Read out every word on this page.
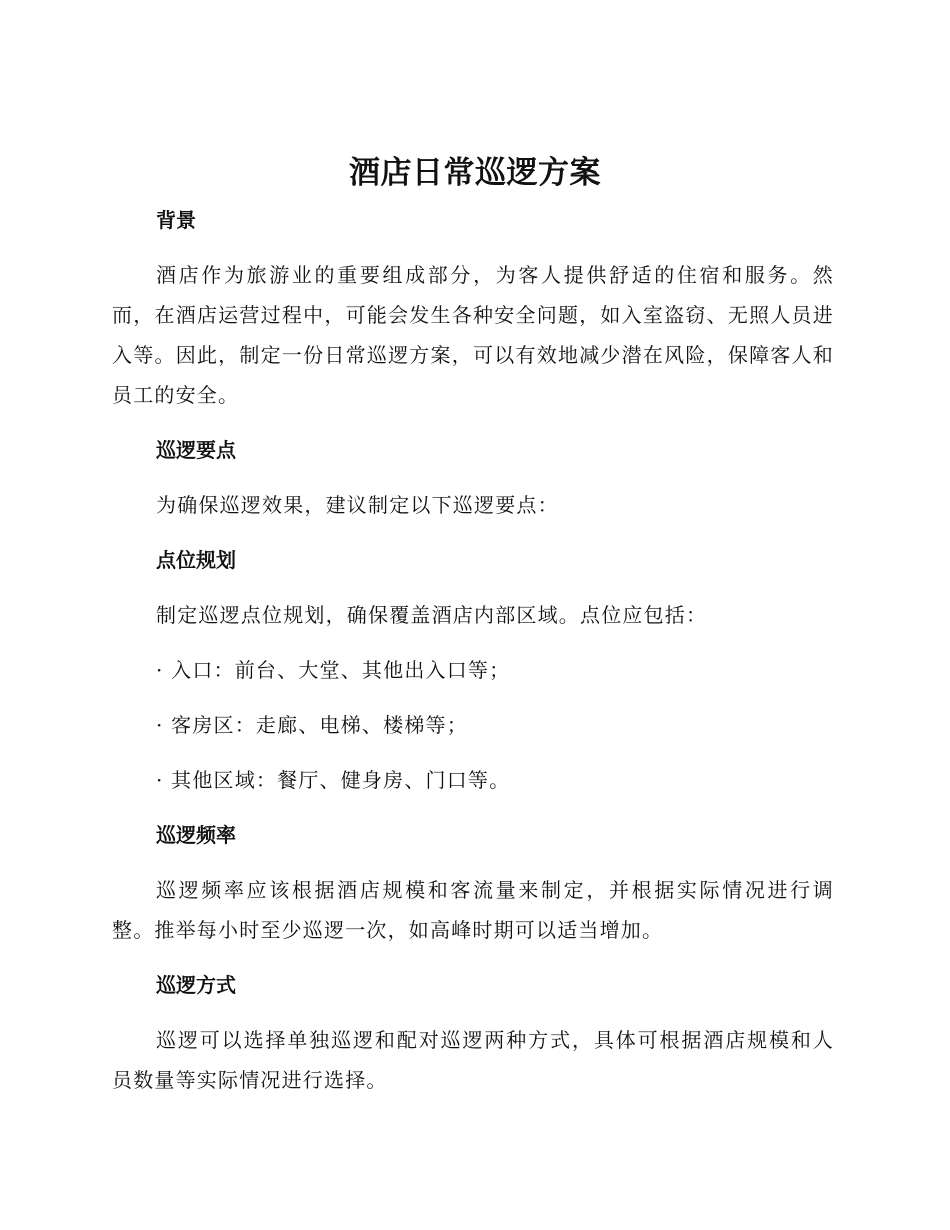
酒店日常巡逻方案
背景

酒店作为旅游业的重要组成部分，为客人提供舒适的住宿和服务。然而，在酒店运营过程中，可能会发生各种安全问题，如入室盗窃、无照人员进入等。因此，制定一份日常巡逻方案，可以有效地减少潜在风险，保障客人和员工的安全。

巡逻要点

为确保巡逻效果，建议制定以下巡逻要点：

点位规划

制定巡逻点位规划，确保覆盖酒店内部区域。点位应包括：

· 入口：前台、大堂、其他出入口等；

· 客房区：走廊、电梯、楼梯等；

· 其他区域：餐厅、健身房、门口等。

巡逻频率

巡逻频率应该根据酒店规模和客流量来制定，并根据实际情况进行调整。推举每小时至少巡逻一次，如高峰时期可以适当增加。

巡逻方式

巡逻可以选择单独巡逻和配对巡逻两种方式，具体可根据酒店规模和人员数量等实际情况进行选择。
